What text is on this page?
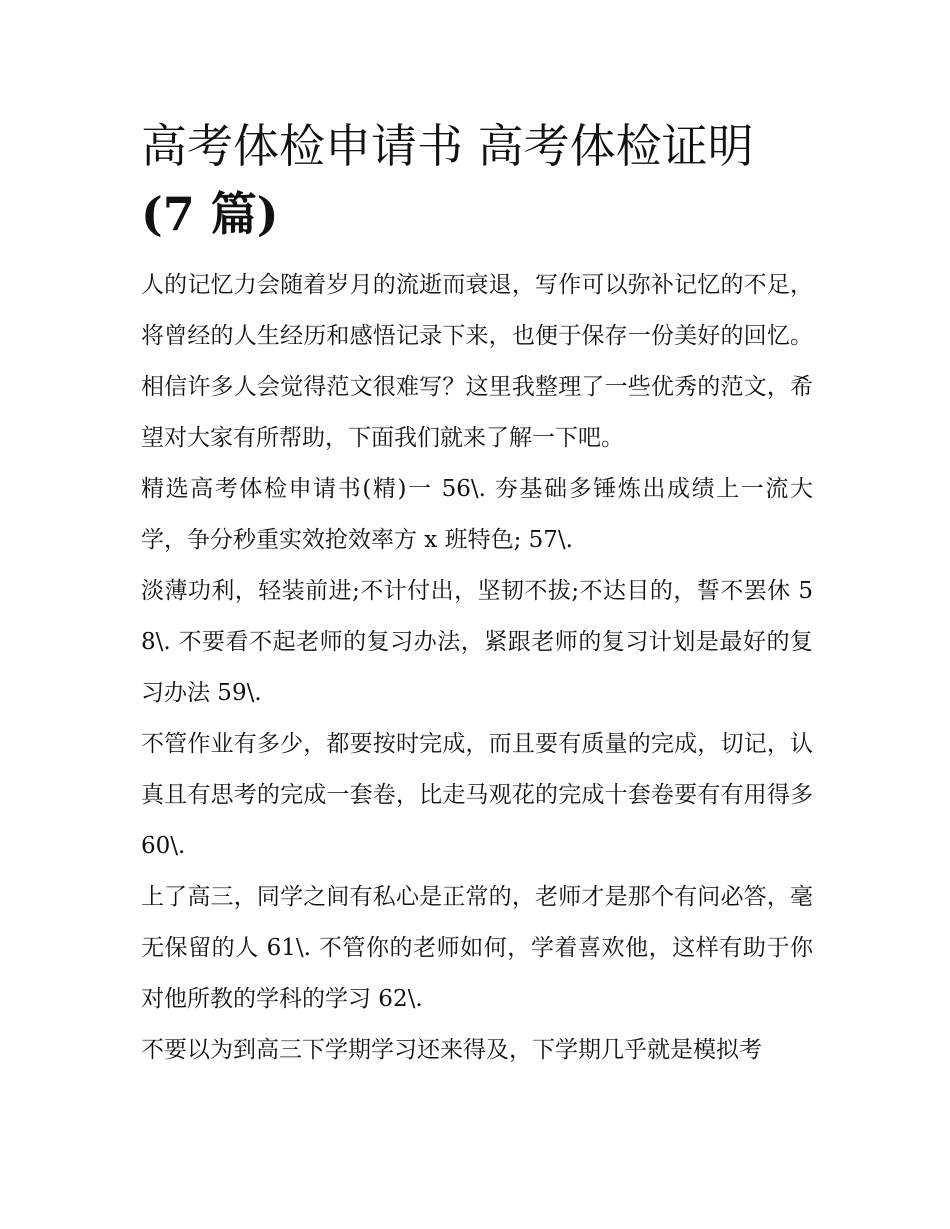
高考体检申请书 高考体检证明
(7 篇)

人的记忆力会随着岁月的流逝而衰退，写作可以弥补记忆的不足，将曾经的人生经历和感悟记录下来，也便于保存一份美好的回忆。相信许多人会觉得范文很难写？这里我整理了一些优秀的范文，希望对大家有所帮助，下面我们就来了解一下吧。

精选高考体检申请书(精)一 56\. 夯基础多锤炼出成绩上一流大学，争分秒重实效抢效率方 x 班特色; 57\.

淡薄功利，轻装前进;不计付出，坚韧不拔;不达目的，誓不罢休 58\. 不要看不起老师的复习办法，紧跟老师的复习计划是最好的复习办法 59\.

不管作业有多少，都要按时完成，而且要有质量的完成，切记，认真且有思考的完成一套卷，比走马观花的完成十套卷要有有用得多 60\.

上了高三，同学之间有私心是正常的，老师才是那个有问必答，毫无保留的人 61\. 不管你的老师如何，学着喜欢他，这样有助于你对他所教的学科的学习 62\.

不要以为到高三下学期学习还来得及，下学期几乎就是模拟考
